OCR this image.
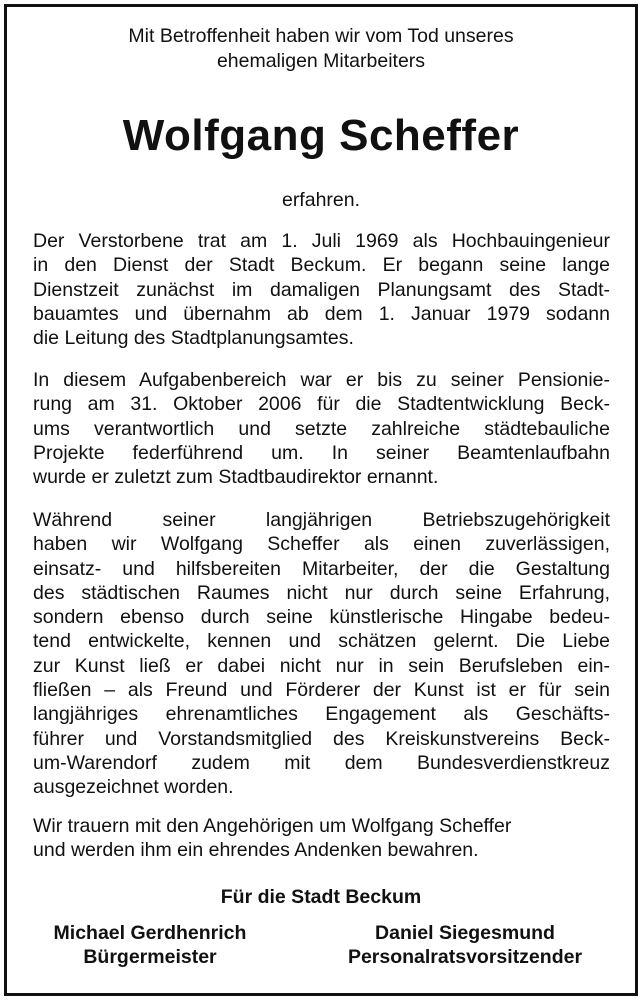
Mit Betroffenheit haben wir vom Tod unseres
ehemaligen Mitarbeiters
Wolfgang Scheffer
erfahren.

Der Verstorbene trat am 1. Juli 1969 als Hochbauingenieur
in den Dienst der Stadt Beckum. Er begann seine lange
Dienstzeit zunächst im damaligen Planungsamt des Stadt-
bauamtes und übernahm ab dem 1. Januar 1979 sodann
die Leitung des Stadtplanungsamtes.

In diesem Aufgabenbereich war er bis zu seiner Pensionie-
rung am 31. Oktober 2006 für die Stadtentwicklung Beck-
ums verantwortlich und setzte zahlreiche städtebauliche
Projekte federführend um. In seiner Beamtenlaufbahn
wurde er zuletzt zum Stadtbaudirektor ernannt.

Während seiner langjährigen Betriebszugehörigkeit
haben wir Wolfgang Scheffer als einen zuverlässigen,
einsatz- und hilfsbereiten Mitarbeiter, der die Gestaltung
des städtischen Raumes nicht nur durch seine Erfahrung,
sondern ebenso durch seine künstlerische Hingabe bedeu-
tend entwickelte, kennen und schätzen gelernt. Die Liebe
zur Kunst ließ er dabei nicht nur in sein Berufsleben ein-
fließen – als Freund und Förderer der Kunst ist er für sein
langjähriges ehrenamtliches Engagement als Geschäfts-
führer und Vorstandsmitglied des Kreiskunstvereins Beck-
um-Warendorf zudem mit dem Bundesverdienstkreuz
ausgezeichnet worden.

Wir trauern mit den Angehörigen um Wolfgang Scheffer
und werden ihm ein ehrendes Andenken bewahren.

Für die Stadt Beckum
Michael Gerdhenrich
Bürgermeister
Daniel Siegesmund
Personalratsvorsitzender
